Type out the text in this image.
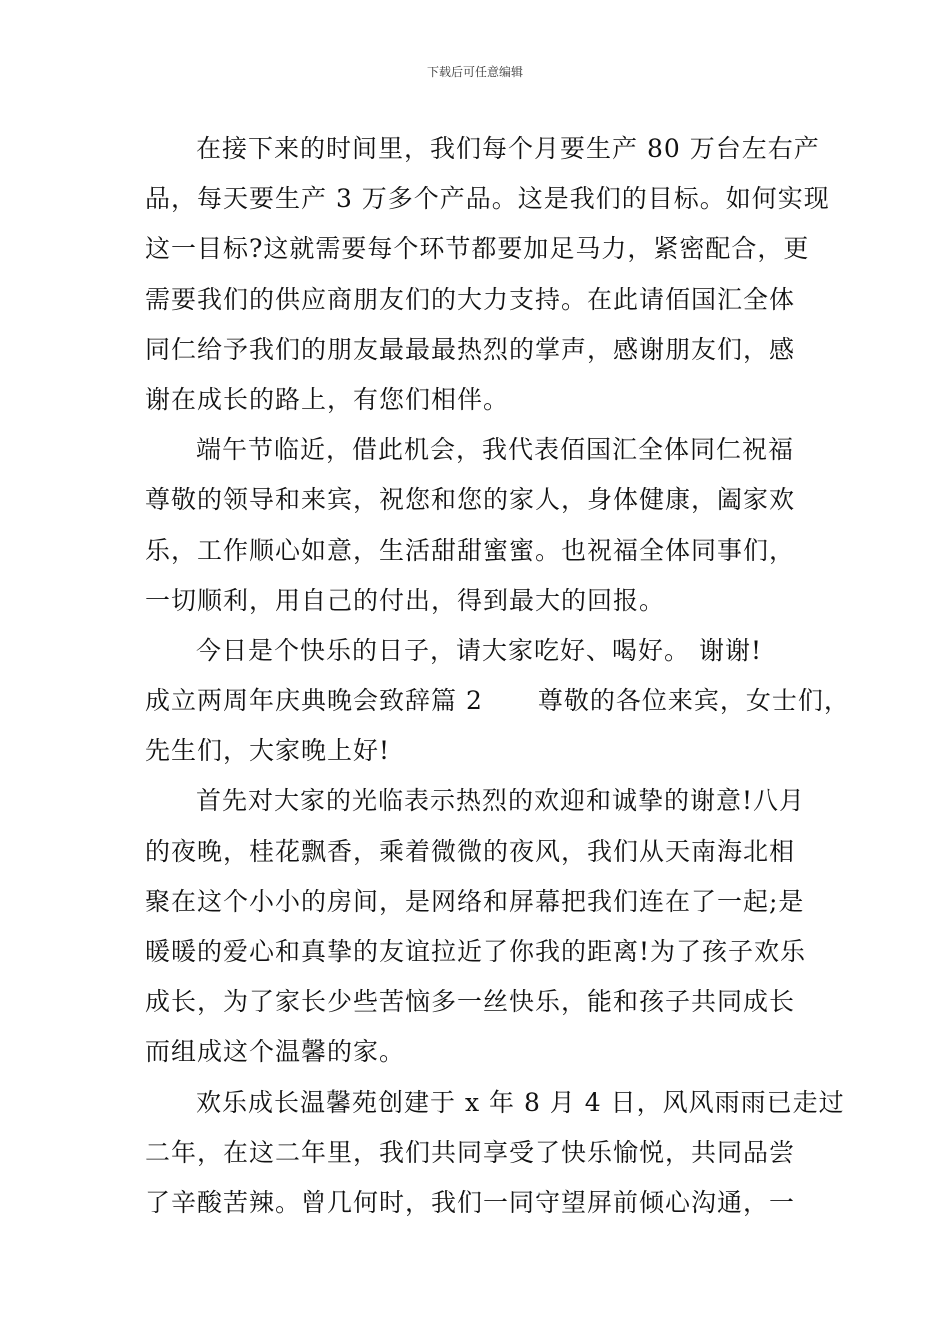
下载后可任意编辑
在接下来的时间里，我们每个月要生产 80 万台左右产
品，每天要生产 3 万多个产品。这是我们的目标。如何实现
这一目标?这就需要每个环节都要加足马力，紧密配合，更
需要我们的供应商朋友们的大力支持。在此请佰国汇全体
同仁给予我们的朋友最最最热烈的掌声，感谢朋友们，感
谢在成长的路上，有您们相伴。
端午节临近，借此机会，我代表佰国汇全体同仁祝福
尊敬的领导和来宾，祝您和您的家人，身体健康，阖家欢
乐，工作顺心如意，生活甜甜蜜蜜。也祝福全体同事们，
一切顺利，用自己的付出，得到最大的回报。
今日是个快乐的日子，请大家吃好、喝好。 谢谢!
成立两周年庆典晚会致辞篇 2 尊敬的各位来宾，女士们，
先生们，大家晚上好!
首先对大家的光临表示热烈的欢迎和诚挚的谢意!八月
的夜晚，桂花飘香，乘着微微的夜风，我们从天南海北相
聚在这个小小的房间，是网络和屏幕把我们连在了一起;是
暖暖的爱心和真挚的友谊拉近了你我的距离!为了孩子欢乐
成长，为了家长少些苦恼多一丝快乐，能和孩子共同成长
而组成这个温馨的家。
欢乐成长温馨苑创建于 x 年 8 月 4 日，风风雨雨已走过
二年，在这二年里，我们共同享受了快乐愉悦，共同品尝
了辛酸苦辣。曾几何时，我们一同守望屏前倾心沟通，一
